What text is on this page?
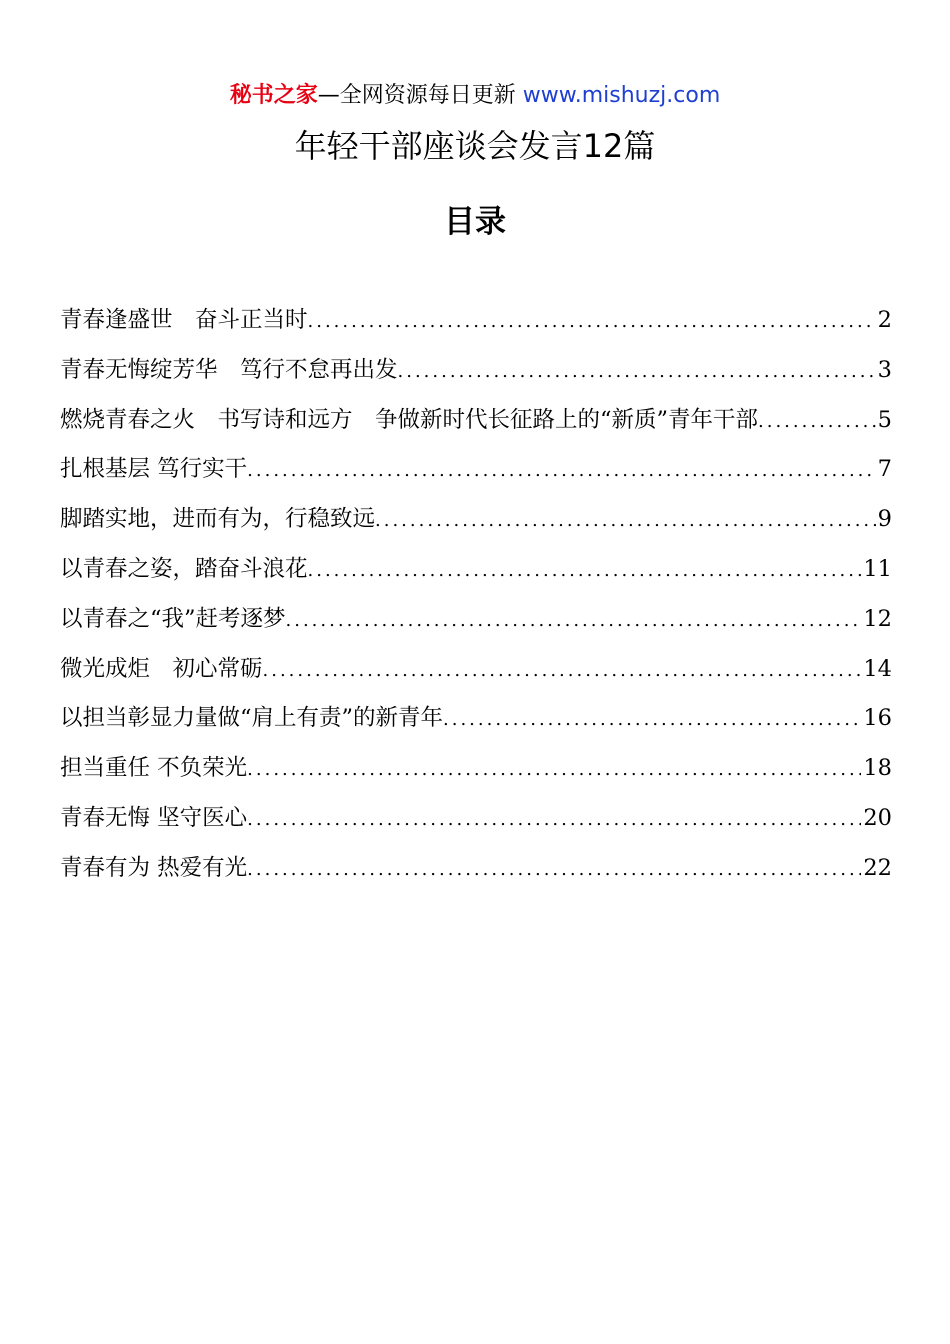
秘书之家—全网资源每日更新 www.mishuzj.com
年轻干部座谈会发言12篇
目录
青春逢盛世　奋斗正当时 .....	2
青春无悔绽芳华　笃行不怠再出发 .....	3
燃烧青春之火　书写诗和远方　争做新时代长征路上的“新质”青年干部 .....	5
扎根基层 笃行实干 .....	7
脚踏实地，进而有为，行稳致远 .....	9
以青春之姿，踏奋斗浪花 .....	11
以青春之“我”赶考逐梦 .....	12
微光成炬　初心常砺 .....	14
以担当彰显力量做“肩上有责”的新青年 .....	16
担当重任 不负荣光 .....	18
青春无悔 坚守医心 .....	20
青春有为 热爱有光 .....	22
